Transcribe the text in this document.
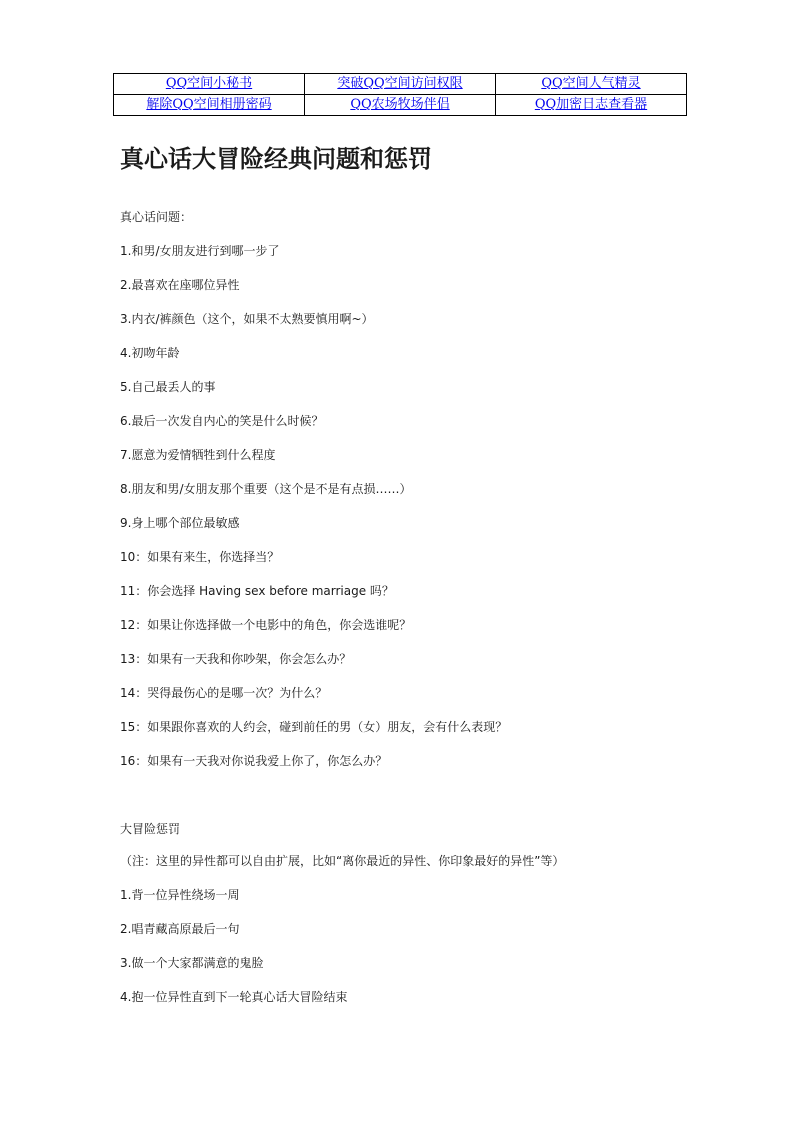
QQ空间小秘书	突破QQ空间访问权限	QQ空间人气精灵
解除QQ空间相册密码	QQ农场牧场伴侣	QQ加密日志查看器
真心话大冒险经典问题和惩罚

真心话问题：

1.和男/女朋友进行到哪一步了

2.最喜欢在座哪位异性

3.内衣/裤颜色（这个，如果不太熟要慎用啊~）

4.初吻年龄

5.自己最丢人的事

6.最后一次发自内心的笑是什么时候？

7.愿意为爱情牺牲到什么程度

8.朋友和男/女朋友那个重要（这个是不是有点损……）

9.身上哪个部位最敏感

10：如果有来生，你选择当？

11：你会选择 Having sex before marriage 吗？

12：如果让你选择做一个电影中的角色，你会选谁呢？

13：如果有一天我和你吵架，你会怎么办？

14：哭得最伤心的是哪一次？为什么？

15：如果跟你喜欢的人约会，碰到前任的男（女）朋友，会有什么表现？

16：如果有一天我对你说我爱上你了，你怎么办？

大冒险惩罚

（注：这里的异性都可以自由扩展，比如“离你最近的异性、你印象最好的异性”等）

1.背一位异性绕场一周

2.唱青藏高原最后一句

3.做一个大家都满意的鬼脸

4.抱一位异性直到下一轮真心话大冒险结束
